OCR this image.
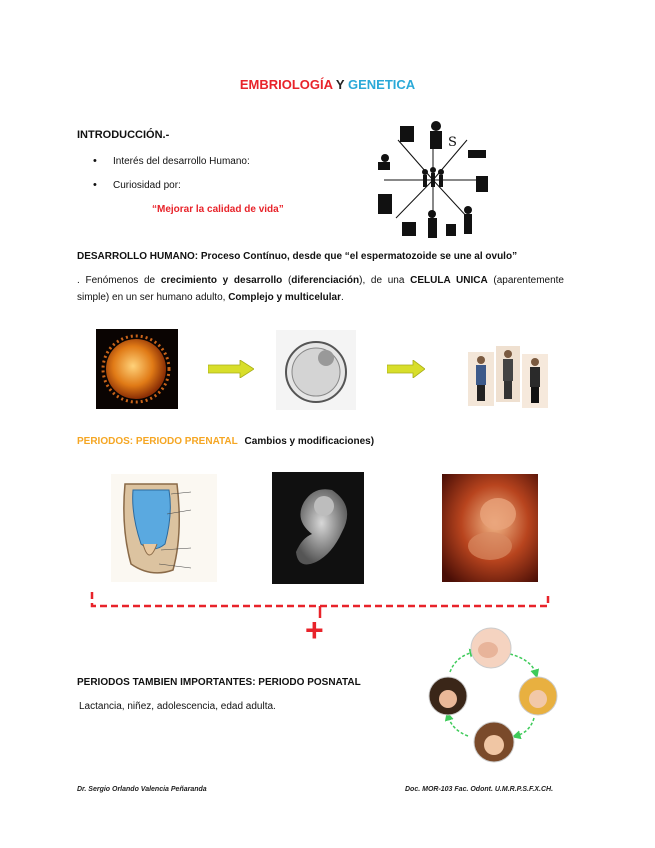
EMBRIOLOGÍA Y GENETICA
INTRODUCCIÓN.-
• Interés del desarrollo Humano:
• Curiosidad por:
“Mejorar la calidad de vida”
S
DESARROLLO HUMANO: Proceso Contínuo, desde que “el espermatozoide se une al ovulo”
. Fenómenos de crecimiento y desarrollo (diferenciación), de una CELULA UNICA (aparentemente simple) en un ser humano adulto, Complejo y multicelular.
PERIODOS: PERIODO PRENATAL Cambios y modificaciones)
+
PERIODOS TAMBIEN IMPORTANTES: PERIODO POSNATAL
Lactancia, niñez, adolescencia, edad adulta.
Dr. Sergio Orlando Valencia Peñaranda	Doc. MOR-103 Fac. Odont. U.M.R.P.S.F.X.CH.
